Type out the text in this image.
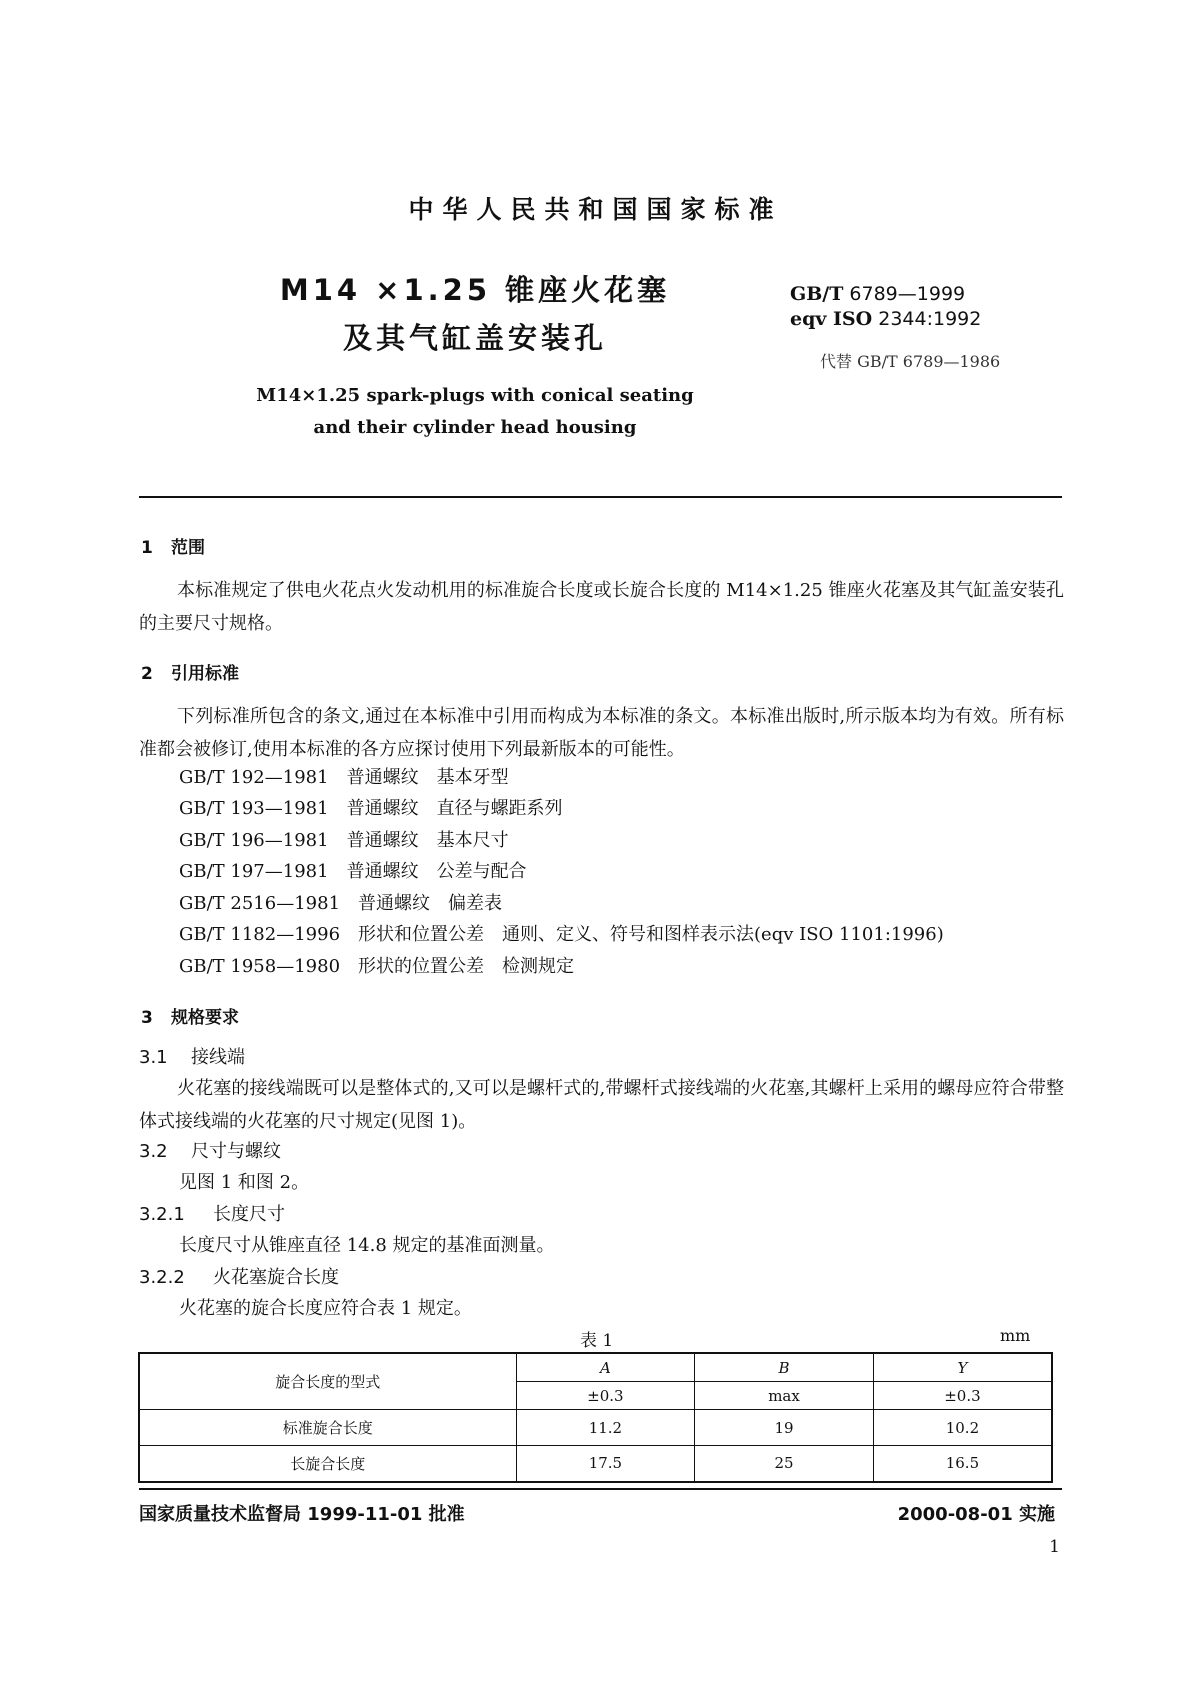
中华人民共和国国家标准
M14 ×1.25 锥座火花塞
及其气缸盖安装孔
GB/T 6789—1999
eqv ISO 2344:1992
代替 GB/T 6789—1986
M14×1.25 spark-plugs with conical seating
and their cylinder head housing
1 范围
本标准规定了供电火花点火发动机用的标准旋合长度或长旋合长度的 M14×1.25 锥座火花塞及其气缸盖安装孔的主要尺寸规格。
2 引用标准
下列标准所包含的条文,通过在本标准中引用而构成为本标准的条文。本标准出版时,所示版本均为有效。所有标准都会被修订,使用本标准的各方应探讨使用下列最新版本的可能性。
GB/T 192—1981　普通螺纹　基本牙型
GB/T 193—1981　普通螺纹　直径与螺距系列
GB/T 196—1981　普通螺纹　基本尺寸
GB/T 197—1981　普通螺纹　公差与配合
GB/T 2516—1981　普通螺纹　偏差表
GB/T 1182—1996　形状和位置公差　通则、定义、符号和图样表示法(eqv ISO 1101:1996)
GB/T 1958—1980　形状的位置公差　检测规定
3 规格要求
3.1 接线端
火花塞的接线端既可以是整体式的,又可以是螺杆式的,带螺杆式接线端的火花塞,其螺杆上采用的螺母应符合带整体式接线端的火花塞的尺寸规定(见图 1)。
3.2 尺寸与螺纹
见图 1 和图 2。
3.2.1 长度尺寸
长度尺寸从锥座直径 14.8 规定的基准面测量。
3.2.2 火花塞旋合长度
火花塞的旋合长度应符合表 1 规定。
表 1	mm
旋合长度的型式	A	B	Y
	±0.3	max	±0.3
标准旋合长度	11.2	19	10.2
长旋合长度	17.5	25	16.5
国家质量技术监督局 1999-11-01 批准	2000-08-01 实施
1
